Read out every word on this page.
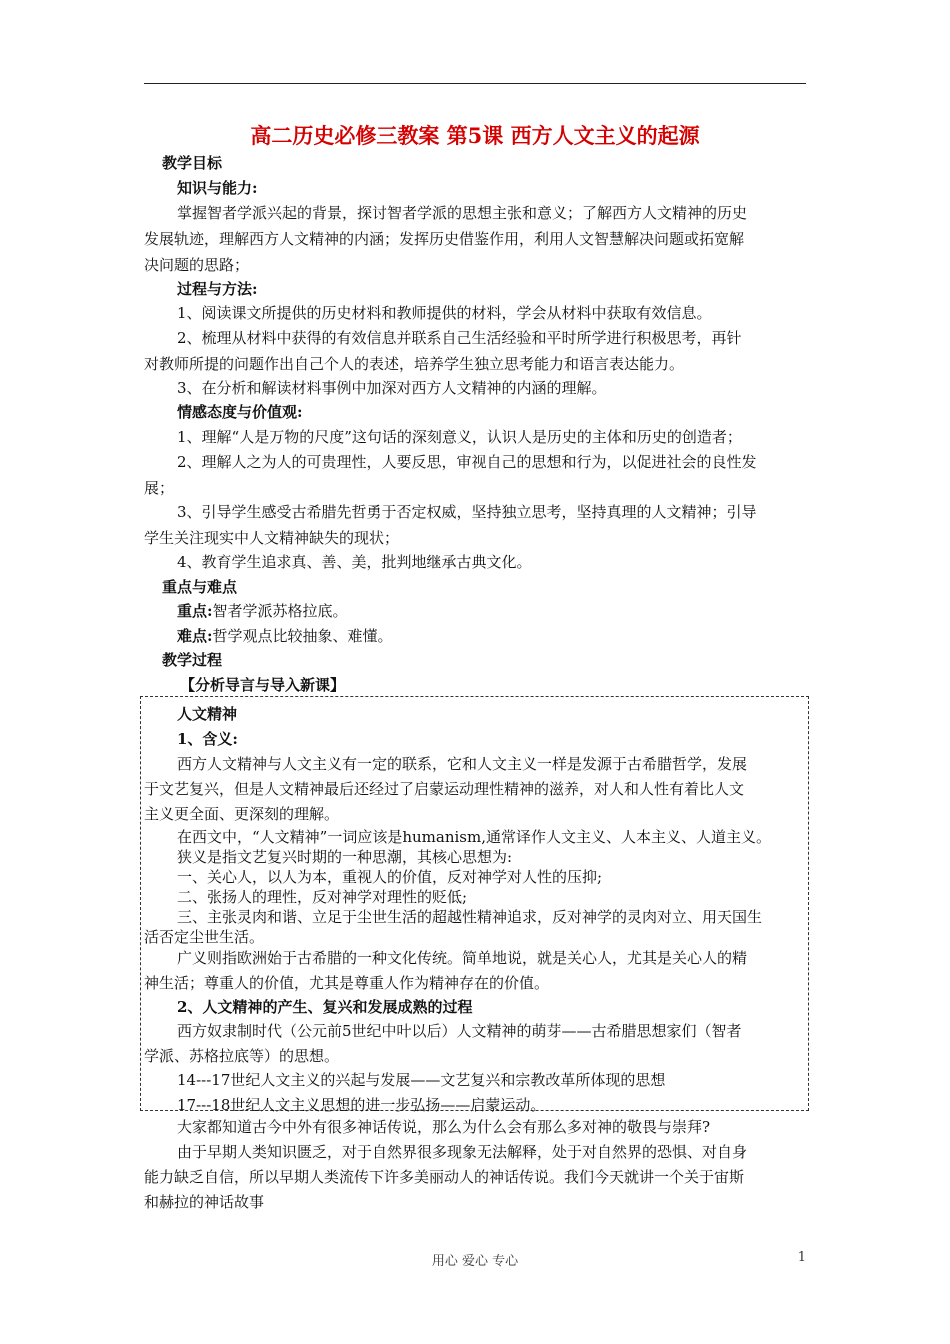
高二历史必修三教案 第5课 西方人文主义的起源
教学目标
知识与能力:
掌握智者学派兴起的背景，探讨智者学派的思想主张和意义；了解西方人文精神的历史
发展轨迹，理解西方人文精神的内涵；发挥历史借鉴作用，利用人文智慧解决问题或拓宽解
决问题的思路；
过程与方法:
1、阅读课文所提供的历史材料和教师提供的材料，学会从材料中获取有效信息。
2、梳理从材料中获得的有效信息并联系自己生活经验和平时所学进行积极思考，再针
对教师所提的问题作出自己个人的表述，培养学生独立思考能力和语言表达能力。
3、在分析和解读材料事例中加深对西方人文精神的内涵的理解。
情感态度与价值观:
1、理解“人是万物的尺度”这句话的深刻意义，认识人是历史的主体和历史的创造者；
2、理解人之为人的可贵理性，人要反思，审视自己的思想和行为，以促进社会的良性发
展；
3、引导学生感受古希腊先哲勇于否定权威，坚持独立思考，坚持真理的人文精神；引导
学生关注现实中人文精神缺失的现状；
4、教育学生追求真、善、美，批判地继承古典文化。
重点与难点
重点:智者学派苏格拉底。
难点:哲学观点比较抽象、难懂。
教学过程
【分析导言与导入新课】
人文精神
1、含义:
西方人文精神与人文主义有一定的联系，它和人文主义一样是发源于古希腊哲学，发展
于文艺复兴，但是人文精神最后还经过了启蒙运动理性精神的滋养，对人和人性有着比人文
主义更全面、更深刻的理解。
在西文中，“人文精神”一词应该是humanism,通常译作人文主义、人本主义、人道主义。
狭义是指文艺复兴时期的一种思潮，其核心思想为:
一、关心人，以人为本，重视人的价值，反对神学对人性的压抑;
二、张扬人的理性，反对神学对理性的贬低;
三、主张灵肉和谐、立足于尘世生活的超越性精神追求，反对神学的灵肉对立、用天国生
活否定尘世生活。
广义则指欧洲始于古希腊的一种文化传统。简单地说，就是关心人，尤其是关心人的精
神生活；尊重人的价值，尤其是尊重人作为精神存在的价值。
2、人文精神的产生、复兴和发展成熟的过程
西方奴隶制时代（公元前5世纪中叶以后）人文精神的萌芽——古希腊思想家们（智者
学派、苏格拉底等）的思想。
14---17世纪人文主义的兴起与发展——文艺复兴和宗教改革所体现的思想
17---18世纪人文主义思想的进一步弘扬——启蒙运动。
大家都知道古今中外有很多神话传说，那么为什么会有那么多对神的敬畏与崇拜?
由于早期人类知识匮乏，对于自然界很多现象无法解释，处于对自然界的恐惧、对自身
能力缺乏自信，所以早期人类流传下许多美丽动人的神话传说。我们今天就讲一个关于宙斯
和赫拉的神话故事
用心 爱心 专心	1
